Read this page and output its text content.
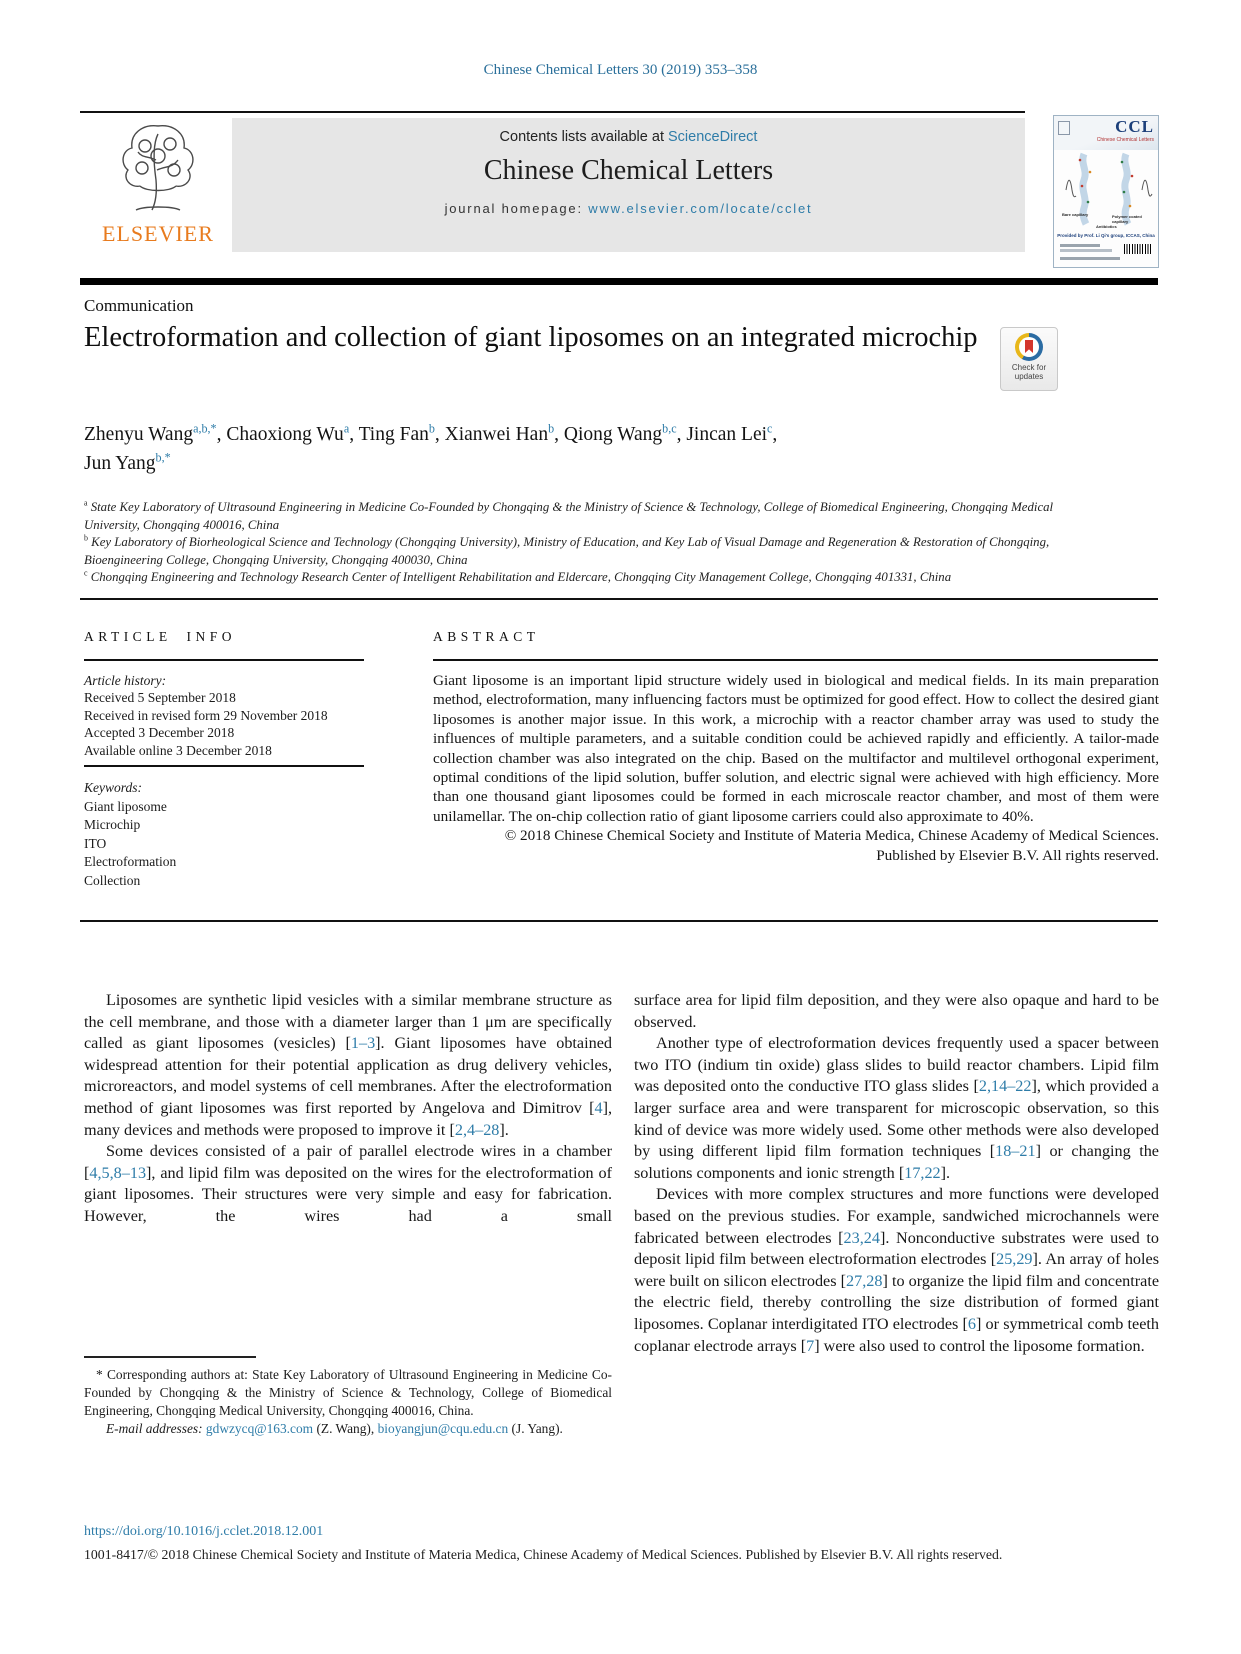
Chinese Chemical Letters 30 (2019) 353–358
ELSEVIER
Contents lists available at ScienceDirect
Chinese Chemical Letters
journal homepage: www.elsevier.com/locate/cclet
CCL
Chinese Chemical Letters
Bare capillary	Polymer coated capillary
Antibiotics
Provided by Prof. Li Qi's group, ICCAS, China
Communication
Electroformation and collection of giant liposomes on an integrated microchip
Check for
updates
Zhenyu Wang$^{a,b,*}$, Chaoxiong Wu$^a$, Ting Fan$^b$, Xianwei Han$^b$, Qiong Wang$^{b,c}$, Jincan Lei$^c$,
Jun Yang$^{b,*}$
$^a$ State Key Laboratory of Ultrasound Engineering in Medicine Co-Founded by Chongqing & the Ministry of Science & Technology, College of Biomedical Engineering, Chongqing Medical University, Chongqing 400016, China
$^b$ Key Laboratory of Biorheological Science and Technology (Chongqing University), Ministry of Education, and Key Lab of Visual Damage and Regeneration & Restoration of Chongqing, Bioengineering College, Chongqing University, Chongqing 400030, China
$^c$ Chongqing Engineering and Technology Research Center of Intelligent Rehabilitation and Eldercare, Chongqing City Management College, Chongqing 401331, China
ARTICLE INFO
Article history:
Received 5 September 2018
Received in revised form 29 November 2018
Accepted 3 December 2018
Available online 3 December 2018
Keywords:
Giant liposome
Microchip
ITO
Electroformation
Collection
ABSTRACT
Giant liposome is an important lipid structure widely used in biological and medical fields. In its main preparation method, electroformation, many influencing factors must be optimized for good effect. How to collect the desired giant liposomes is another major issue. In this work, a microchip with a reactor chamber array was used to study the influences of multiple parameters, and a suitable condition could be achieved rapidly and efficiently. A tailor-made collection chamber was also integrated on the chip. Based on the multifactor and multilevel orthogonal experiment, optimal conditions of the lipid solution, buffer solution, and electric signal were achieved with high efficiency. More than one thousand giant liposomes could be formed in each microscale reactor chamber, and most of them were unilamellar. The on-chip collection ratio of giant liposome carriers could also approximate to 40%.
© 2018 Chinese Chemical Society and Institute of Materia Medica, Chinese Academy of Medical Sciences.
Published by Elsevier B.V. All rights reserved.

Liposomes are synthetic lipid vesicles with a similar membrane structure as the cell membrane, and those with a diameter larger than 1 μm are specifically called as giant liposomes (vesicles) [1–3]. Giant liposomes have obtained widespread attention for their potential application as drug delivery vehicles, microreactors, and model systems of cell membranes. After the electroformation method of giant liposomes was first reported by Angelova and Dimitrov [4], many devices and methods were proposed to improve it [2,4–28].

Some devices consisted of a pair of parallel electrode wires in a chamber [4,5,8–13], and lipid film was deposited on the wires for the electroformation of giant liposomes. Their structures were very simple and easy for fabrication. However, the wires had a small

surface area for lipid film deposition, and they were also opaque and hard to be observed.

Another type of electroformation devices frequently used a spacer between two ITO (indium tin oxide) glass slides to build reactor chambers. Lipid film was deposited onto the conductive ITO glass slides [2,14–22], which provided a larger surface area and were transparent for microscopic observation, so this kind of device was more widely used. Some other methods were also developed by using different lipid film formation techniques [18–21] or changing the solutions components and ionic strength [17,22].

Devices with more complex structures and more functions were developed based on the previous studies. For example, sandwiched microchannels were fabricated between electrodes [23,24]. Nonconductive substrates were used to deposit lipid film between electroformation electrodes [25,29]. An array of holes were built on silicon electrodes [27,28] to organize the lipid film and concentrate the electric field, thereby controlling the size distribution of formed giant liposomes. Coplanar interdigitated ITO electrodes [6] or symmetrical comb teeth coplanar electrode arrays [7] were also used to control the liposome formation.

* Corresponding authors at: State Key Laboratory of Ultrasound Engineering in Medicine Co-Founded by Chongqing & the Ministry of Science & Technology, College of Biomedical Engineering, Chongqing Medical University, Chongqing 400016, China.

E-mail addresses: gdwzycq@163.com (Z. Wang), bioyangjun@cqu.edu.cn (J. Yang).

https://doi.org/10.1016/j.cclet.2018.12.001
1001-8417/© 2018 Chinese Chemical Society and Institute of Materia Medica, Chinese Academy of Medical Sciences. Published by Elsevier B.V. All rights reserved.
